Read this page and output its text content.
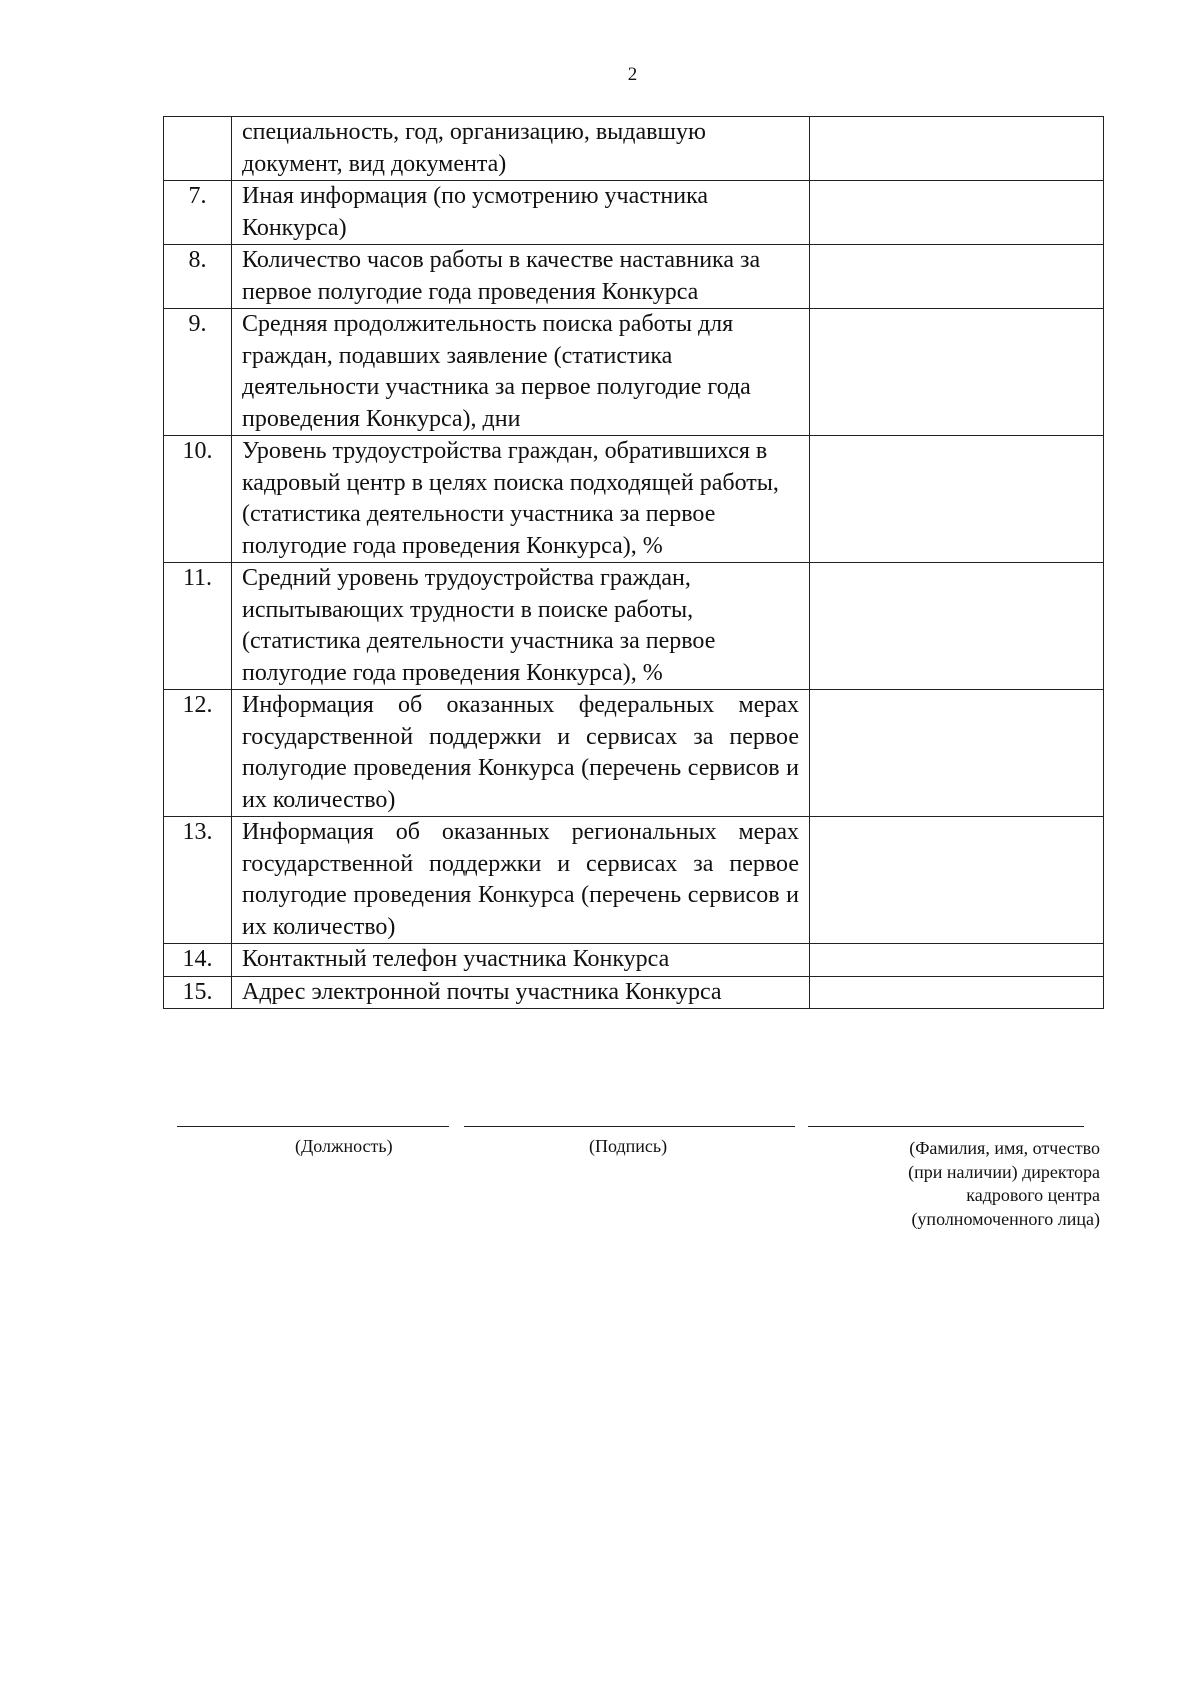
2
	специальность, год, организацию, выдавшую документ, вид документа)	
7.	Иная информация (по усмотрению участника Конкурса)	
8.	Количество часов работы в качестве наставника за первое полугодие года проведения Конкурса	
9.	Средняя продолжительность поиска работы для граждан, подавших заявление (статистика деятельности участника за первое полугодие года проведения Конкурса), дни	
10.	Уровень трудоустройства граждан, обратившихся в кадровый центр в целях поиска подходящей работы, (статистика деятельности участника за первое полугодие года проведения Конкурса), %	
11.	Средний уровень трудоустройства граждан, испытывающих трудности в поиске работы, (статистика деятельности участника за первое полугодие года проведения Конкурса), %	
12.	Информация об оказанных федеральных мерах государственной поддержки и сервисах за первое полугодие проведения Конкурса (перечень сервисов и их количество)	
13.	Информация об оказанных региональных мерах государственной поддержки и сервисах за первое полугодие проведения Конкурса (перечень сервисов и их количество)	
14.	Контактный телефон участника Конкурса	
15.	Адрес электронной почты участника Конкурса	
(Должность)	(Подпись)	(Фамилия, имя, отчество
(при наличии) директора
кадрового центра
(уполномоченного лица)
